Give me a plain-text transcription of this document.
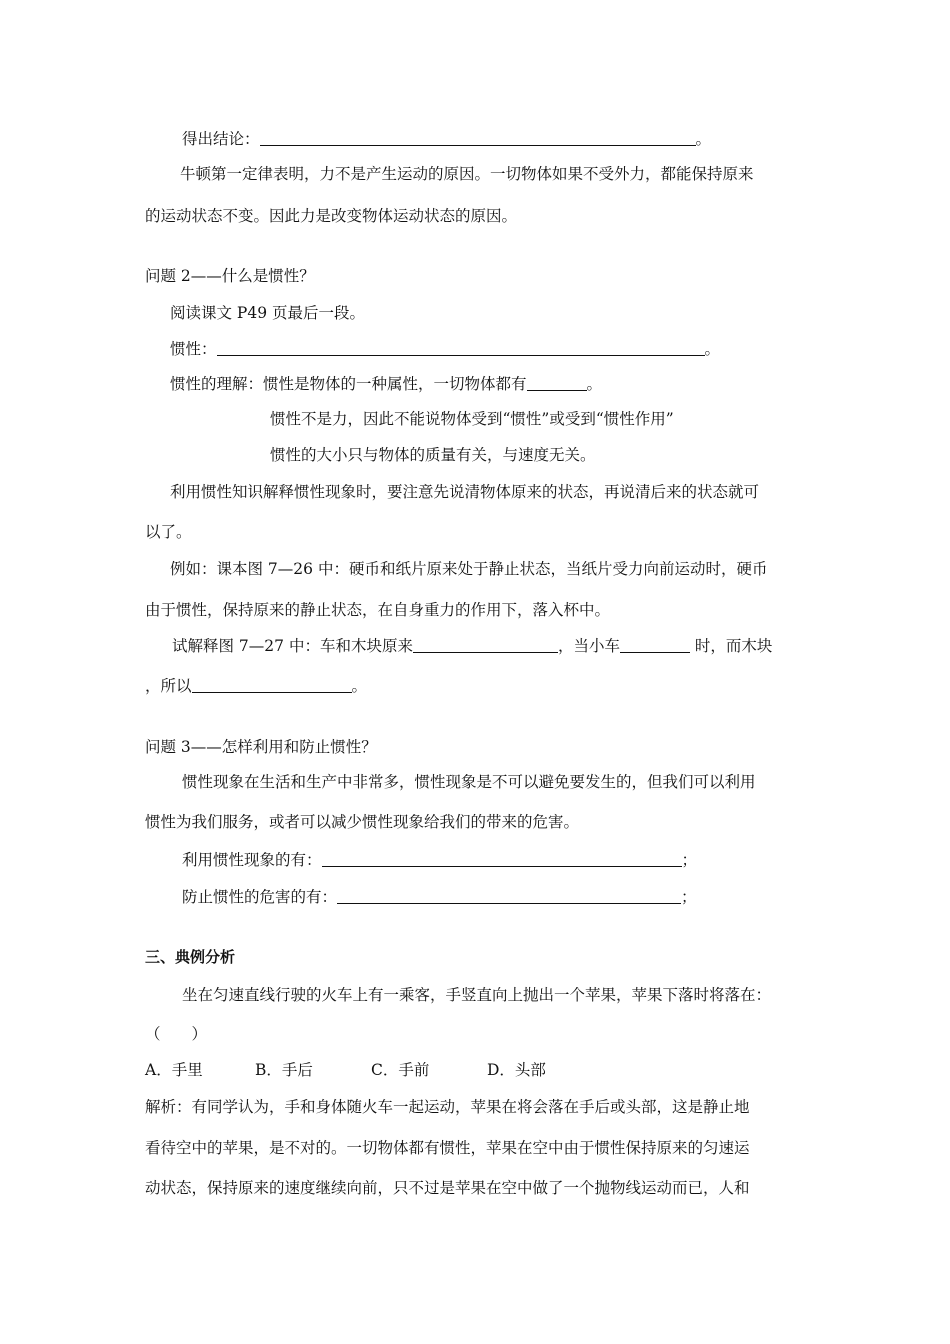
得出结论：	。
牛顿第一定律表明，力不是产生运动的原因。一切物体如果不受外力，都能保持原来
的运动状态不变。因此力是改变物体运动状态的原因。
问题 2——什么是惯性？
阅读课文 P49 页最后一段。
惯性：	。
惯性的理解：惯性是物体的一种属性，一切物体都有	。
惯性不是力，因此不能说物体受到“惯性”或受到“惯性作用”
惯性的大小只与物体的质量有关，与速度无关。
利用惯性知识解释惯性现象时，要注意先说清物体原来的状态，再说清后来的状态就可
以了。
例如：课本图 7—26 中：硬币和纸片原来处于静止状态，当纸片受力向前运动时，硬币
由于惯性，保持原来的静止状态，在自身重力的作用下，落入杯中。
试解释图 7—27 中：车和木块原来	，当小车	时，而木块
，所以	。
问题 3——怎样利用和防止惯性？
惯性现象在生活和生产中非常多，惯性现象是不可以避免要发生的，但我们可以利用
惯性为我们服务，或者可以减少惯性现象给我们的带来的危害。
利用惯性现象的有：	；
防止惯性的危害的有：	；
三、典例分析
坐在匀速直线行驶的火车上有一乘客，手竖直向上抛出一个苹果，苹果下落时将落在：
（　　）
A．手里	B．手后	C．手前	D．头部
解析：有同学认为，手和身体随火车一起运动，苹果在将会落在手后或头部，这是静止地
看待空中的苹果，是不对的。一切物体都有惯性，苹果在空中由于惯性保持原来的匀速运
动状态，保持原来的速度继续向前，只不过是苹果在空中做了一个抛物线运动而已，人和
